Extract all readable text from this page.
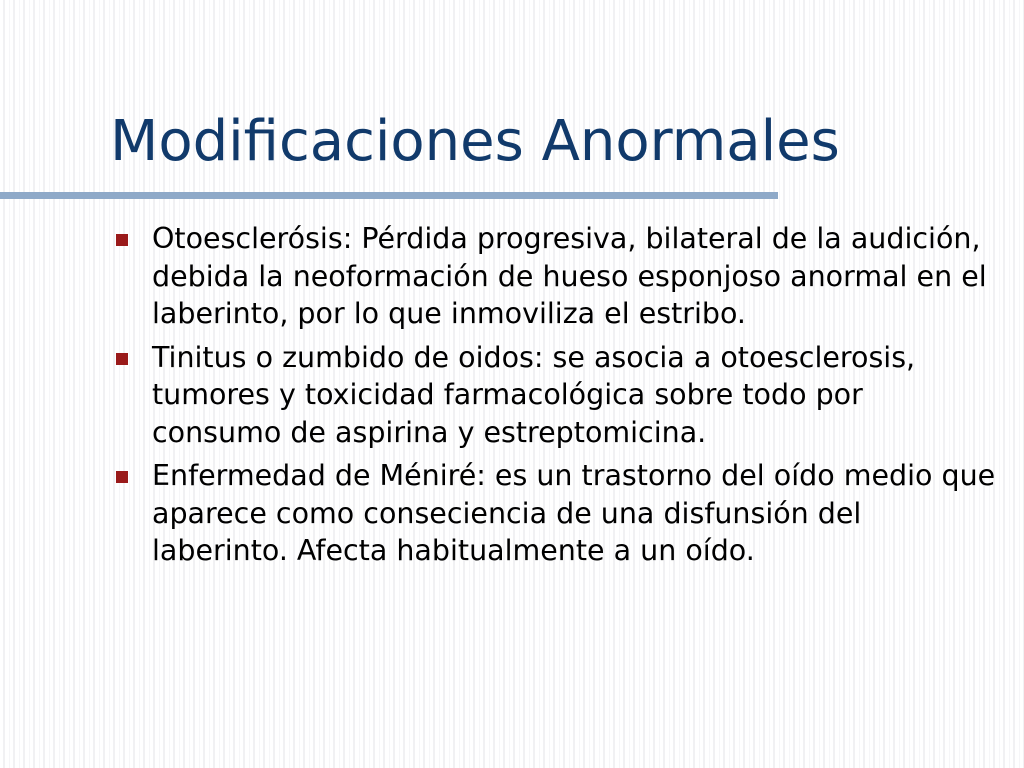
Modificaciones Anormales
Otoesclerósis: Pérdida progresiva, bilateral de la audición, debida la neoformación de hueso esponjoso anormal en el laberinto, por lo que inmoviliza el estribo.
Tinitus o zumbido de oidos: se asocia a otoesclerosis, tumores y toxicidad farmacológica sobre todo por consumo de aspirina y estreptomicina.
Enfermedad de Méniré: es un trastorno del oído medio que aparece como conseciencia de una disfunsión del laberinto. Afecta habitualmente a un oído.
